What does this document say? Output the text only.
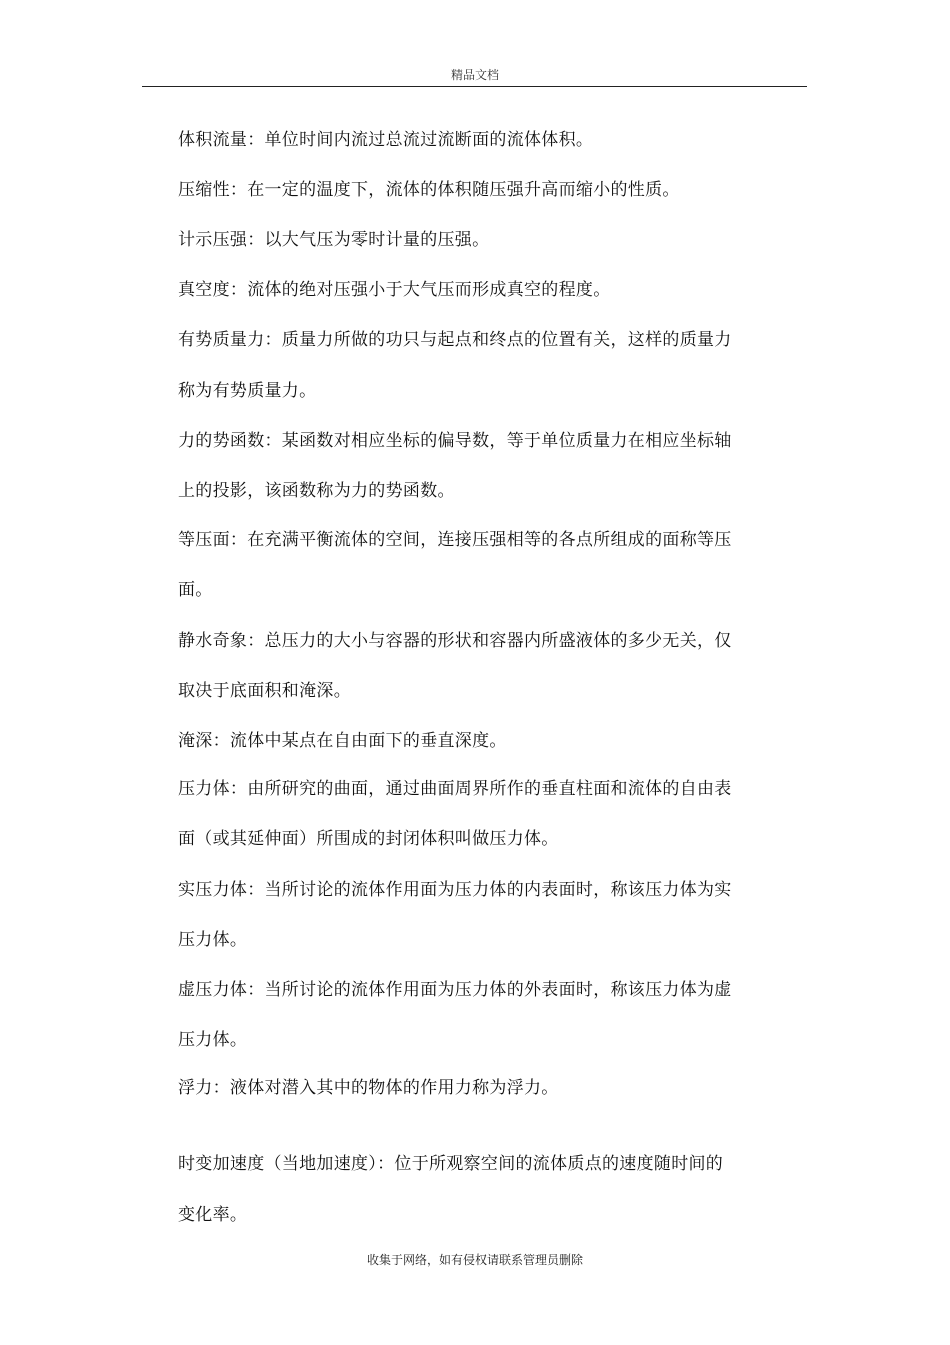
精品文档
体积流量：单位时间内流过总流过流断面的流体体积。
压缩性：在一定的温度下，流体的体积随压强升高而缩小的性质。
计示压强：以大气压为零时计量的压强。
真空度：流体的绝对压强小于大气压而形成真空的程度。
有势质量力：质量力所做的功只与起点和终点的位置有关，这样的质量力
称为有势质量力。
力的势函数：某函数对相应坐标的偏导数，等于单位质量力在相应坐标轴
上的投影，该函数称为力的势函数。
等压面：在充满平衡流体的空间，连接压强相等的各点所组成的面称等压
面。
静水奇象：总压力的大小与容器的形状和容器内所盛液体的多少无关，仅
取决于底面积和淹深。
淹深：流体中某点在自由面下的垂直深度。
压力体：由所研究的曲面，通过曲面周界所作的垂直柱面和流体的自由表
面（或其延伸面）所围成的封闭体积叫做压力体。
实压力体：当所讨论的流体作用面为压力体的内表面时，称该压力体为实
压力体。
虚压力体：当所讨论的流体作用面为压力体的外表面时，称该压力体为虚
压力体。
浮力：液体对潜入其中的物体的作用力称为浮力。
时变加速度（当地加速度）：位于所观察空间的流体质点的速度随时间的
变化率。
收集于网络，如有侵权请联系管理员删除
